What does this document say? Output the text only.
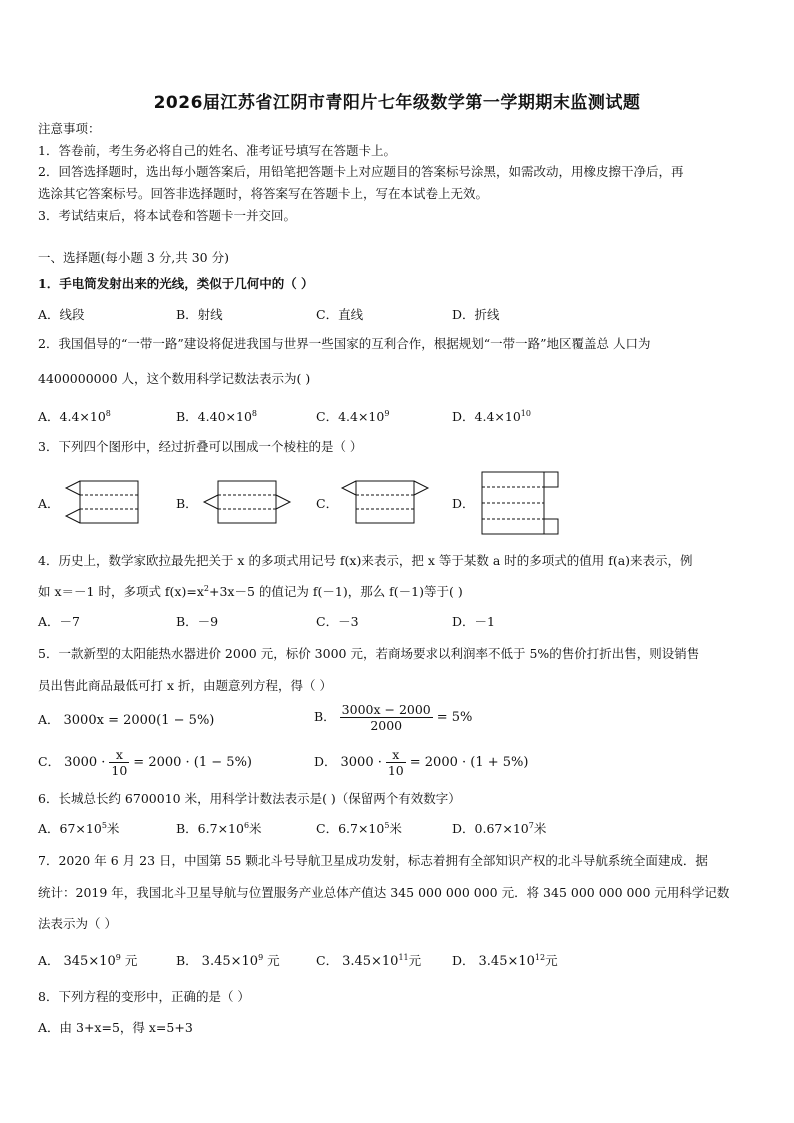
2026届江苏省江阴市青阳片七年级数学第一学期期末监测试题
注意事项：
1．答卷前，考生务必将自己的姓名、准考证号填写在答题卡上。
2．回答选择题时，选出每小题答案后，用铅笔把答题卡上对应题目的答案标号涂黑，如需改动，用橡皮擦干净后，再
选涂其它答案标号。回答非选择题时，将答案写在答题卡上，写在本试卷上无效。
3．考试结束后，将本试卷和答题卡一并交回。
一、选择题(每小题 3 分,共 30 分)
1．手电筒发射出来的光线，类似于几何中的（ ）
A．线段	B．射线	C．直线	D．折线
2．我国倡导的“一带一路”建设将促进我国与世界一些国家的互利合作，根据规划“一带一路”地区覆盖总 人口为
4400000000 人，这个数用科学记数法表示为( )
A．$4.4\times 10^8$	B．$4.40\times 10^8$	C．$4.4\times 10^9$	D．$4.4\times 10^{10}$
3．下列四个图形中，经过折叠可以围成一个棱柱的是（ ）
A．	B．	C．	D．
4．历史上，数学家欧拉最先把关于 x 的多项式用记号 f(x)来表示，把 x 等于某数 a 时的多项式的值用 f(a)来表示，例
如 x＝－1 时，多项式 $f(x)=x^2+3x-5$ 的值记为 f(－1)，那么 f(－1)等于( )
A．－7	B．－9	C．－3	D．－1
5．一款新型的太阳能热水器进价 2000 元，标价 3000 元，若商场要求以利润率不低于 5%的售价打折出售，则设销售
员出售此商品最低可打 x 折，由题意列方程，得（ ）
A． 3000x = 2000(1 − 5%)	B． $\frac{3000x - 2000}{2000} = 5\%$
C． $3000 \cdot \frac{x}{10} = 2000 \cdot (1 - 5\%)$	D． $3000 \cdot \frac{x}{10} = 2000 \cdot (1 + 5\%)$
6．长城总长约 6700010 米，用科学计数法表示是( )（保留两个有效数字）
A．$67\times 10^5$米	B．$6.7\times 10^6$米	C．$6.7\times 10^5$米	D．$0.67\times 10^7$米
7．2020 年 6 月 23 日，中国第 55 颗北斗号导航卫星成功发射，标志着拥有全部知识产权的北斗导航系统全面建成．据
统计：2019 年，我国北斗卫星导航与位置服务产业总体产值达 345 000 000 000 元．将 345 000 000 000 元用科学记数
法表示为（ ）
A． $345\times 10^9$ 元	B． $3.45\times 10^9$ 元	C． $3.45\times 10^{11}$元 D． $3.45\times 10^{12}$元
8．下列方程的变形中，正确的是（ ）
A．由 3+x=5，得 x=5+3
